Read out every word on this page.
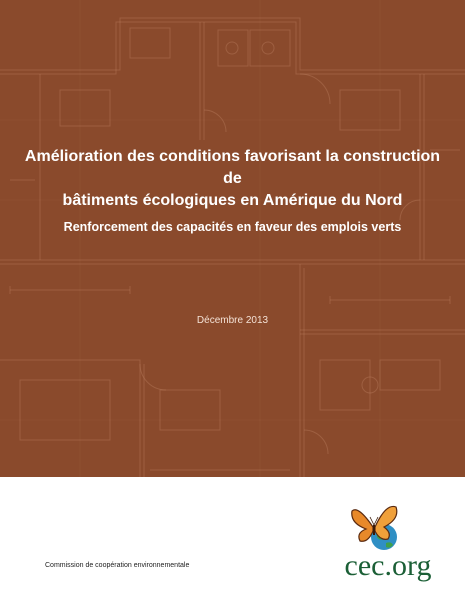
Amélioration des conditions favorisant la construction de
bâtiments écologiques en Amérique du Nord

Renforcement des capacités en faveur des emplois verts

Décembre 2013

Commission de coopération environnementale	cec.org
